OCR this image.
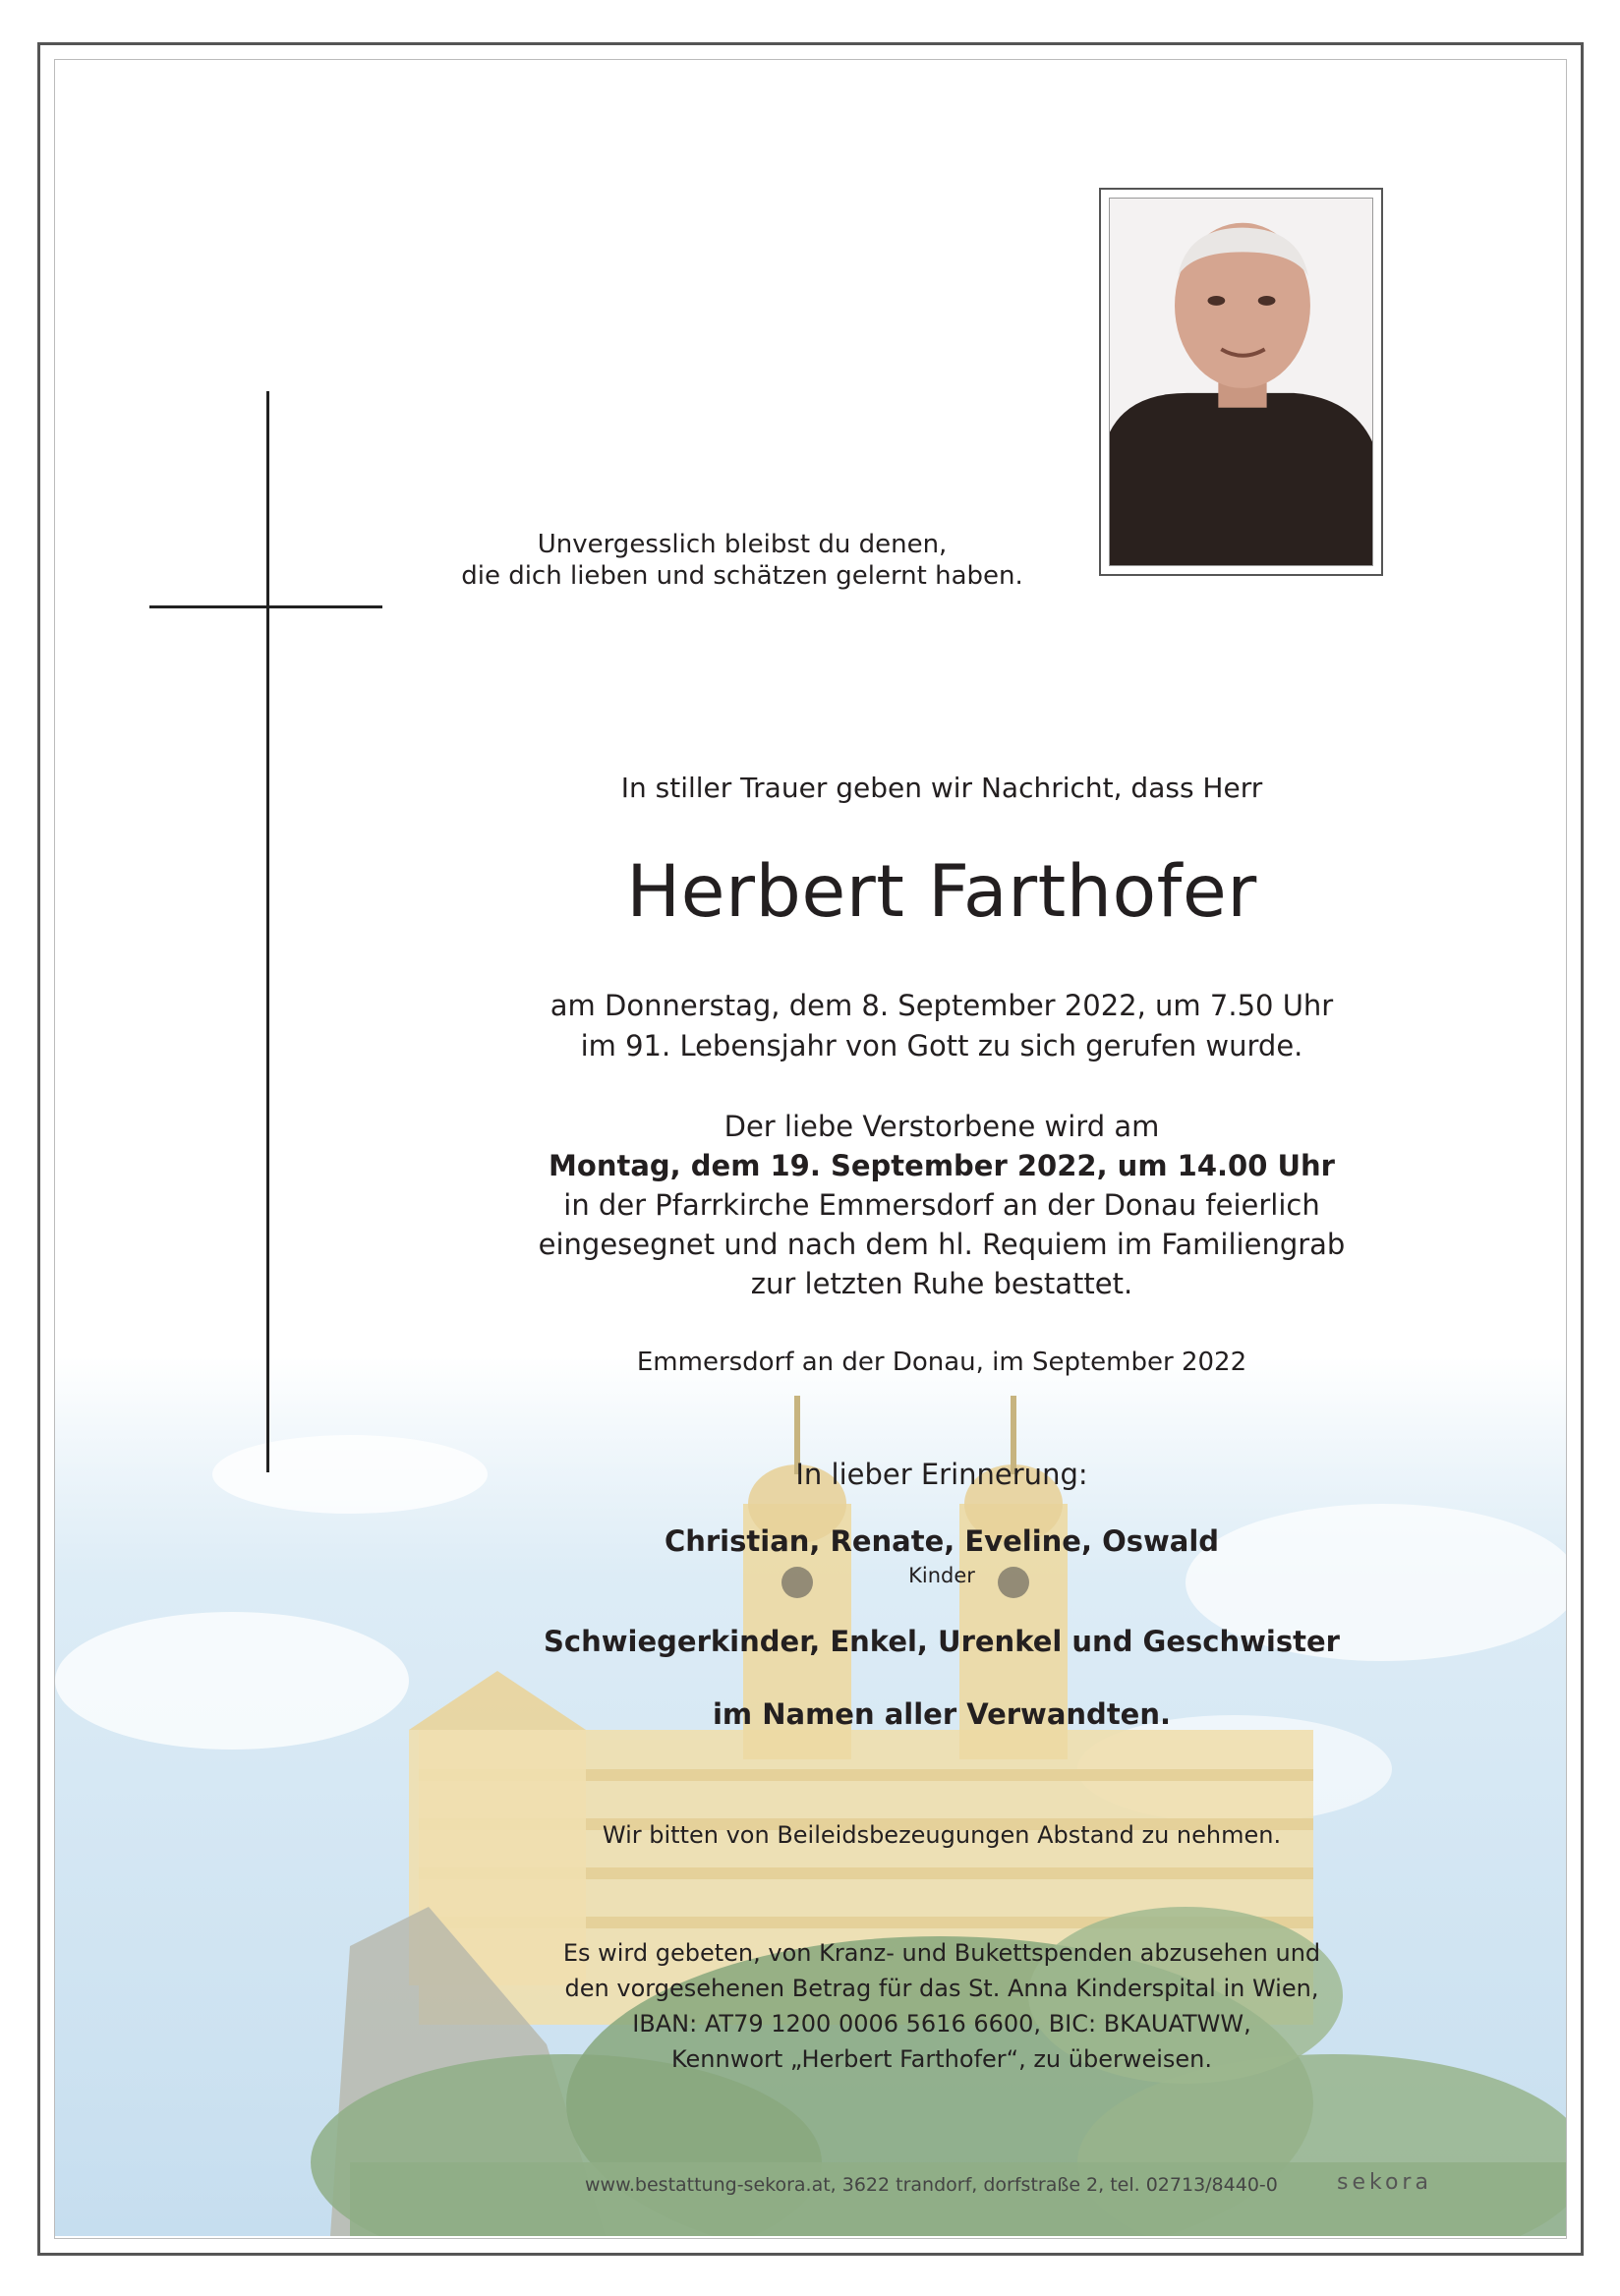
Unvergesslich bleibst du denen,
die dich lieben und schätzen gelernt haben.
In stiller Trauer geben wir Nachricht, dass Herr
Herbert Farthofer
am Donnerstag, dem 8. September 2022, um 7.50 Uhr
im 91. Lebensjahr von Gott zu sich gerufen wurde.
Der liebe Verstorbene wird am
Montag, dem 19. September 2022, um 14.00 Uhr
in der Pfarrkirche Emmersdorf an der Donau feierlich
eingesegnet und nach dem hl. Requiem im Familiengrab
zur letzten Ruhe bestattet.
Emmersdorf an der Donau, im September 2022
In lieber Erinnerung:
Christian, Renate, Eveline, Oswald
Kinder
Schwiegerkinder, Enkel, Urenkel und Geschwister
im Namen aller Verwandten.
Wir bitten von Beileidsbezeugungen Abstand zu nehmen.
Es wird gebeten, von Kranz- und Bukettspenden abzusehen und
den vorgesehenen Betrag für das St. Anna Kinderspital in Wien,
IBAN: AT79 1200 0006 5616 6600, BIC: BKAUATWW,
Kennwort „Herbert Farthofer“, zu überweisen.
www.bestattung-sekora.at, 3622 trandorf, dorfstraße 2, tel. 02713/8440-0	sekora
